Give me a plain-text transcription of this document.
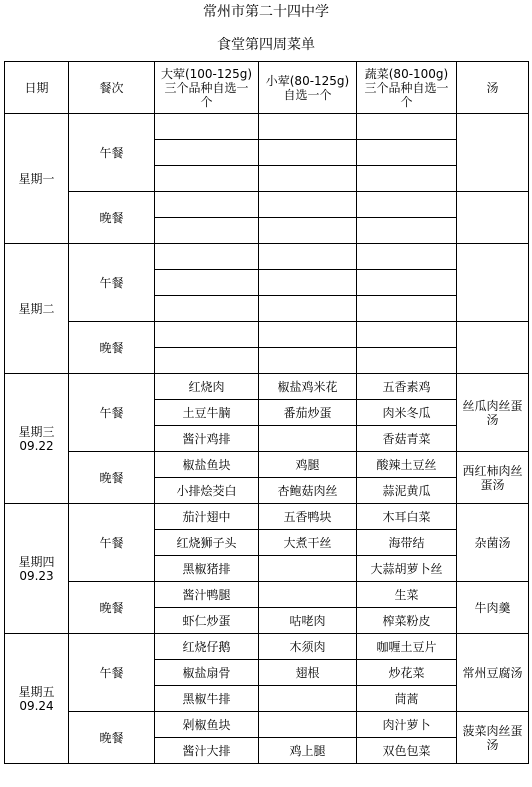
常州市第二十四中学
食堂第四周菜单
日期	餐次	大荤(100-125g)
三个品种自选一
个	小荤(80-125g)
自选一个	蔬菜(80-100g)
三个品种自选一
个	汤

星期一	午餐				

	晚餐				

星期二	午餐				

	晚餐				

星期三
09.22	午餐	红烧肉	椒盐鸡米花	五香素鸡	丝瓜肉丝蛋汤
		土豆牛腩	番茄炒蛋	肉米冬瓜	
		酱汁鸡排		香菇青菜	
	晚餐	椒盐鱼块	鸡腿	酸辣土豆丝	西红柿肉丝蛋汤
		小排烩茭白	杏鲍菇肉丝	蒜泥黄瓜	

星期四
09.23	午餐	茄汁翅中	五香鸭块	木耳白菜	杂菌汤
		红烧狮子头	大煮干丝	海带结	
		黑椒猪排		大蒜胡萝卜丝	
	晚餐	酱汁鸭腿		生菜	牛肉羹
		虾仁炒蛋	咕咾肉	榨菜粉皮	

星期五
09.24	午餐	红烧仔鹅	木须肉	咖喱土豆片	常州豆腐汤
		椒盐扇骨	翅根	炒花菜	
		黑椒牛排		茼蒿	
	晚餐	剁椒鱼块		肉汁萝卜	菠菜肉丝蛋汤
		酱汁大排	鸡上腿	双色包菜	
